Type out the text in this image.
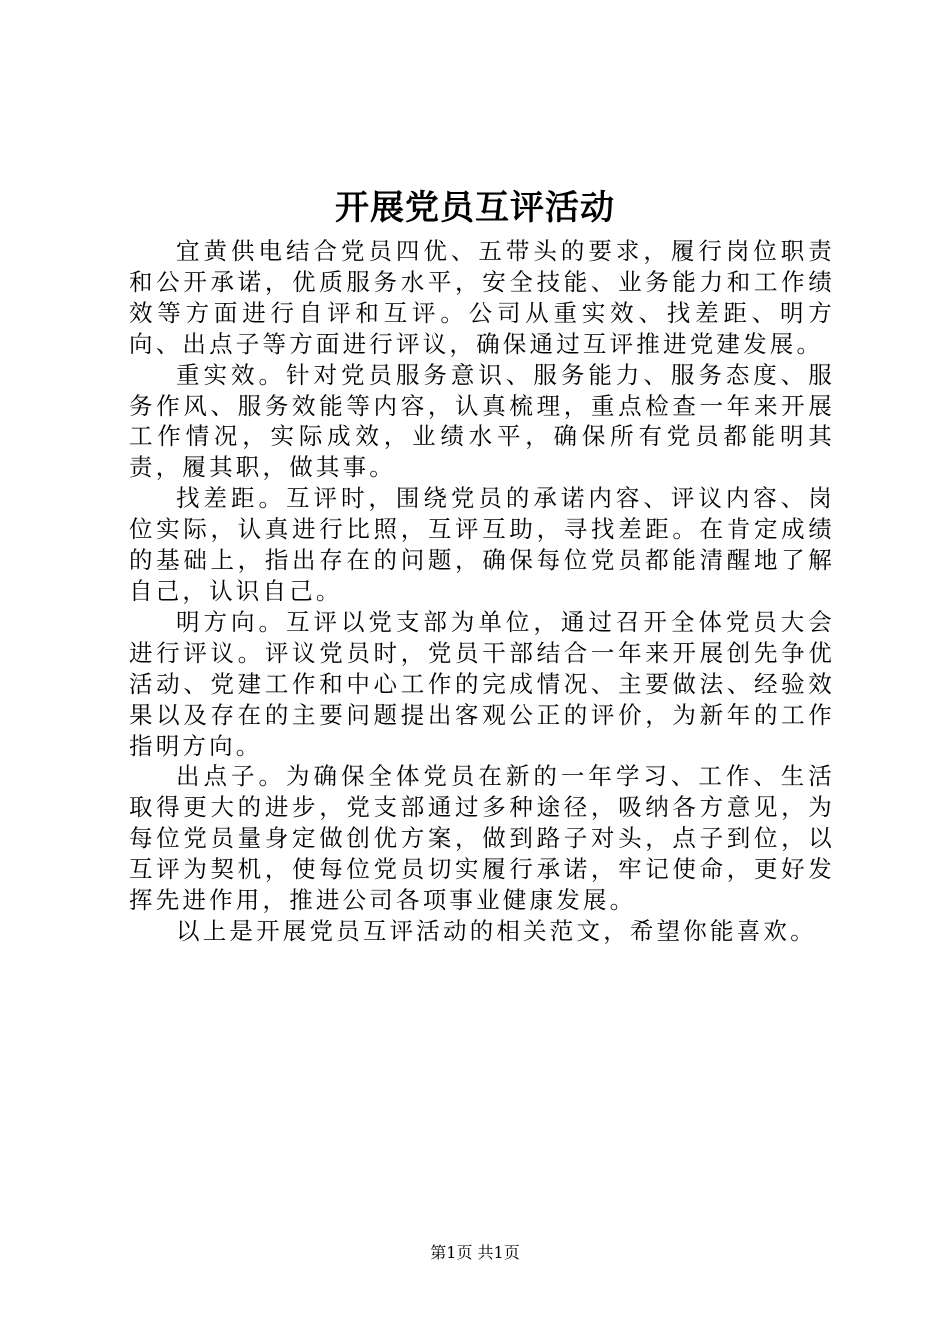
开展党员互评活动

宜黄供电结合党员四优、五带头的要求，履行岗位职责和公开承诺，优质服务水平，安全技能、业务能力和工作绩效等方面进行自评和互评。公司从重实效、找差距、明方向、出点子等方面进行评议，确保通过互评推进党建发展。

重实效。针对党员服务意识、服务能力、服务态度、服务作风、服务效能等内容，认真梳理，重点检查一年来开展工作情况，实际成效，业绩水平，确保所有党员都能明其责，履其职，做其事。

找差距。互评时，围绕党员的承诺内容、评议内容、岗位实际，认真进行比照，互评互助，寻找差距。在肯定成绩的基础上，指出存在的问题，确保每位党员都能清醒地了解自己，认识自己。

明方向。互评以党支部为单位，通过召开全体党员大会进行评议。评议党员时，党员干部结合一年来开展创先争优活动、党建工作和中心工作的完成情况、主要做法、经验效果以及存在的主要问题提出客观公正的评价，为新年的工作指明方向。

出点子。为确保全体党员在新的一年学习、工作、生活取得更大的进步，党支部通过多种途径，吸纳各方意见，为每位党员量身定做创优方案，做到路子对头，点子到位，以互评为契机，使每位党员切实履行承诺，牢记使命，更好发挥先进作用，推进公司各项事业健康发展。

以上是开展党员互评活动的相关范文，希望你能喜欢。

第1页 共1页
